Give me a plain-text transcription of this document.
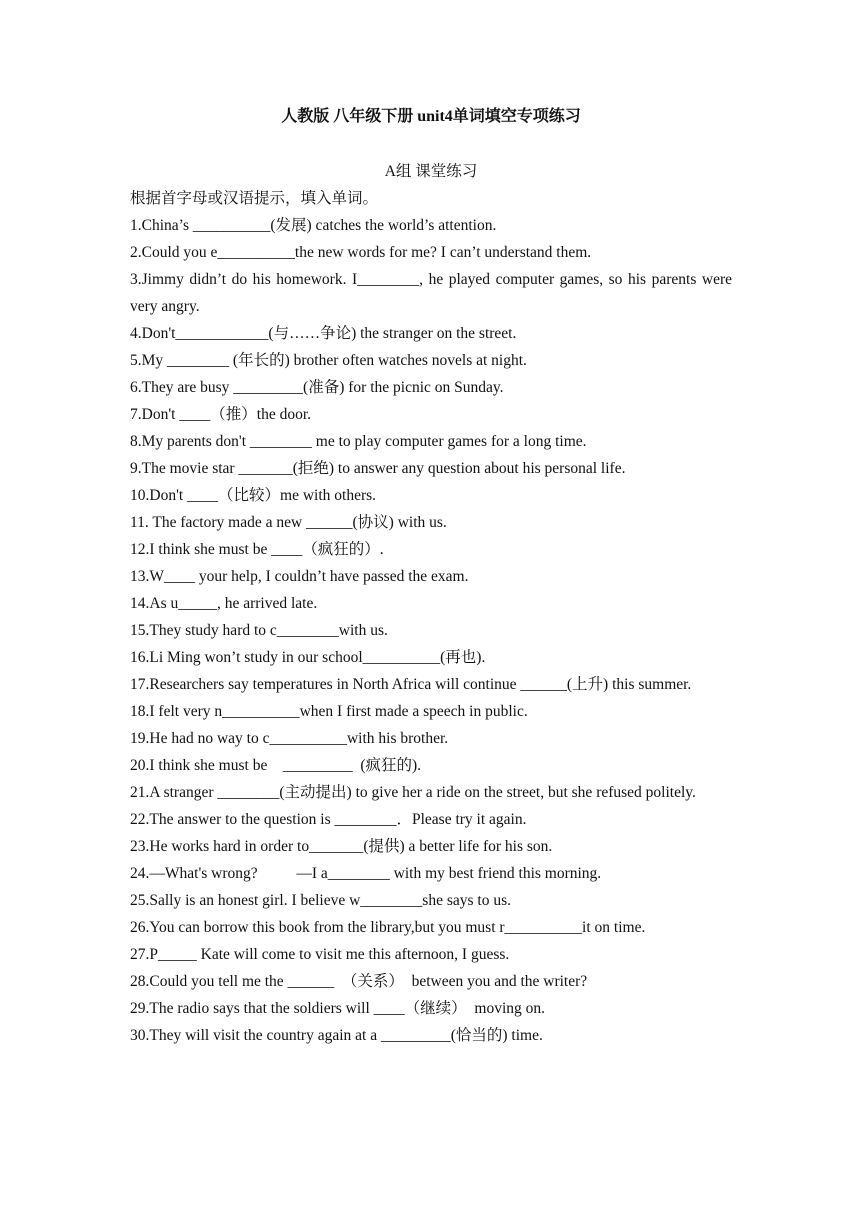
人教版 八年级下册 unit4单词填空专项练习
A组 课堂练习
根据首字母或汉语提示，填入单词。
1.China’s __________(发展) catches the world’s attention.
2.Could you e__________the new words for me? I can’t understand them.
3.Jimmy didn’t do his homework. I________, he played computer games, so his parents were very angry.
4.Don't____________(与……争论) the stranger on the street.
5.My ________ (年长的) brother often watches novels at night.
6.They are busy _________(准备) for the picnic on Sunday.
7.Don't ____（推）the door.
8.My parents don't ________ me to play computer games for a long time.
9.The movie star _______(拒绝) to answer any question about his personal life.
10.Don't ____（比较）me with others.
11. The factory made a new ______(协议) with us.
12.I think she must be ____（疯狂的）.
13.W____ your help, I couldn’t have passed the exam.
14.As u_____, he arrived late.
15.They study hard to c________with us.
16.Li Ming won’t study in our school__________(再也).
17.Researchers say temperatures in North Africa will continue ______(上升) this summer.
18.I felt very n__________when I first made a speech in public.
19.He had no way to c__________with his brother.
20.I think she must be    _________  (疯狂的).
21.A stranger ________(主动提出) to give her a ride on the street, but she refused politely.
22.The answer to the question is ________．Please try it again.
23.He works hard in order to_______(提供) a better life for his son.
24.—What's wrong?          —I a________ with my best friend this morning.
25.Sally is an honest girl. I believe w________she says to us.
26.You can borrow this book from the library,but you must r__________it on time.
27.P_____ Kate will come to visit me this afternoon, I guess.
28.Could you tell me the ______  （关系）  between you and the writer?
29.The radio says that the soldiers will ____（继续）  moving on.
30.They will visit the country again at a _________(恰当的) time.
